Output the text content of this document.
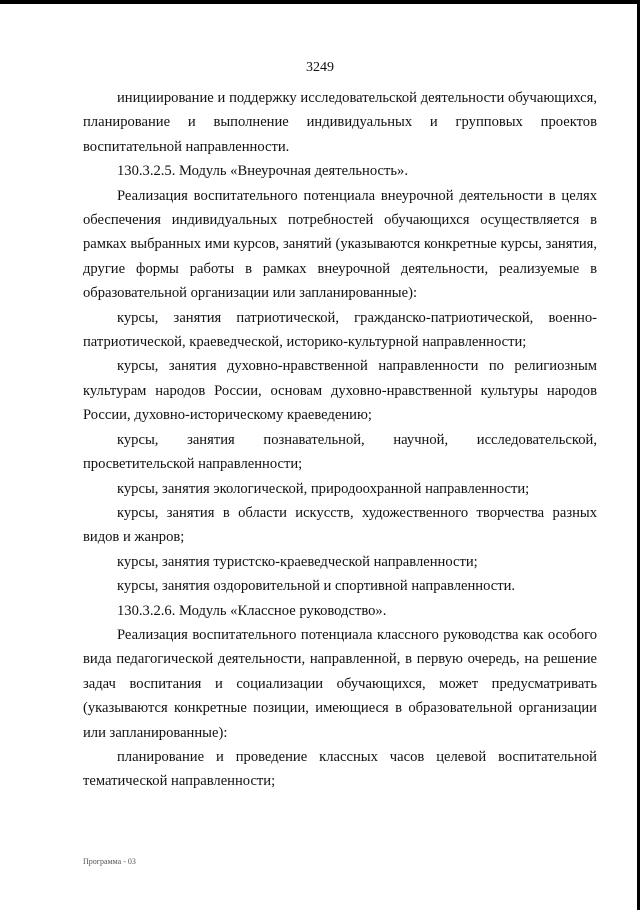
3249

инициирование и поддержку исследовательской деятельности обучающихся, планирование и выполнение индивидуальных и групповых проектов воспитательной направленности.

130.3.2.5. Модуль «Внеурочная деятельность».

Реализация воспитательного потенциала внеурочной деятельности в целях обеспечения индивидуальных потребностей обучающихся осуществляется в рамках выбранных ими курсов, занятий (указываются конкретные курсы, занятия, другие формы работы в рамках внеурочной деятельности, реализуемые в образовательной организации или запланированные):

курсы, занятия патриотической, гражданско-патриотической, военно-патриотической, краеведческой, историко-культурной направленности;

курсы, занятия духовно-нравственной направленности по религиозным культурам народов России, основам духовно-нравственной культуры народов России, духовно-историческому краеведению;

курсы, занятия познавательной, научной, исследовательской, просветительской направленности;

курсы, занятия экологической, природоохранной направленности;

курсы, занятия в области искусств, художественного творчества разных видов и жанров;

курсы, занятия туристско-краеведческой направленности;

курсы, занятия оздоровительной и спортивной направленности.

130.3.2.6. Модуль «Классное руководство».

Реализация воспитательного потенциала классного руководства как особого вида педагогической деятельности, направленной, в первую очередь, на решение задач воспитания и социализации обучающихся, может предусматривать (указываются конкретные позиции, имеющиеся в образовательной организации или запланированные):

планирование и проведение классных часов целевой воспитательной тематической направленности;

Программа - 03
